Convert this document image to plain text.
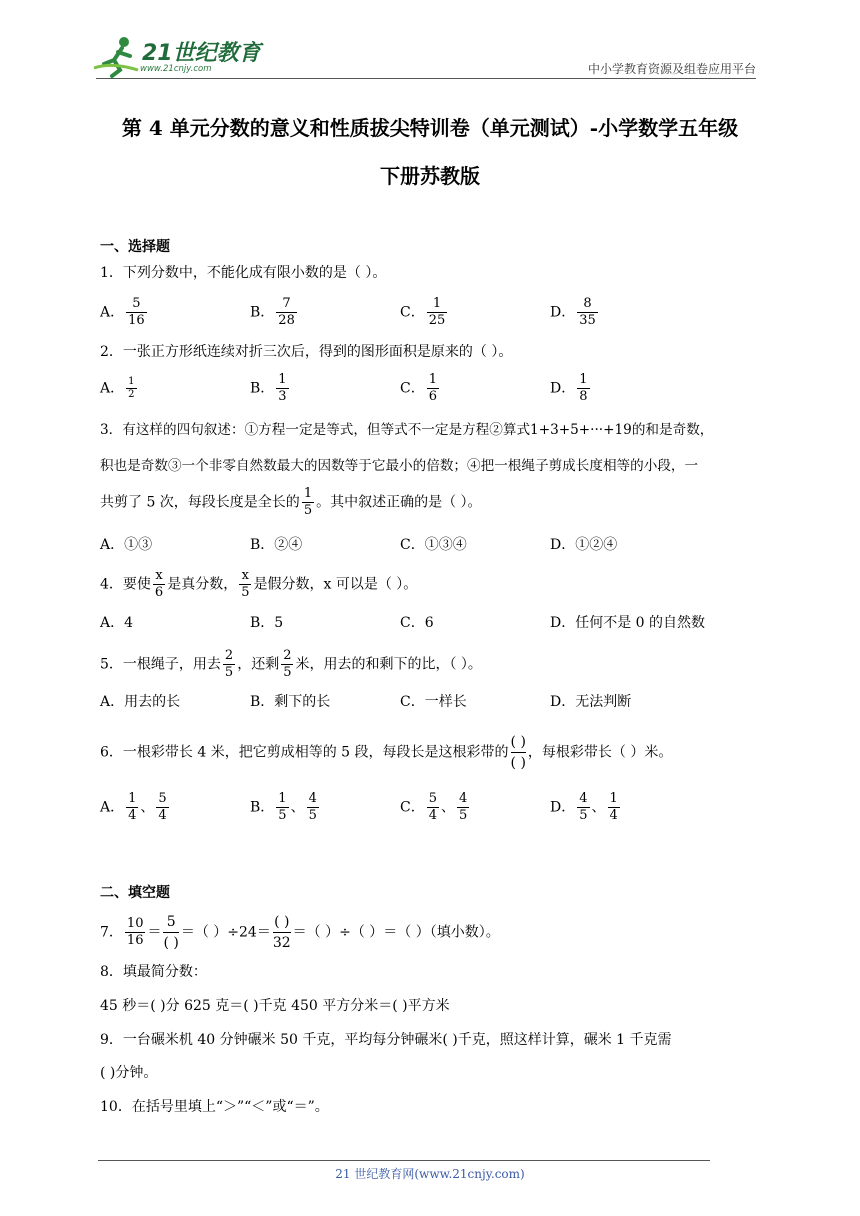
21世纪教育
www.21cnjy.com	中小学教育资源及组卷应用平台
第 4 单元分数的意义和性质拔尖特训卷（单元测试）-小学数学五年级
下册苏教版
一、选择题
1．下列分数中，不能化成有限小数的是（ ）。
A． $\frac{5}{16}$	B． $\frac{7}{28}$	C． $\frac{1}{25}$	D． $\frac{8}{35}$
2．一张正方形纸连续对折三次后，得到的图形面积是原来的（ ）。
A． $\frac{1}{2}$	B． $\frac{1}{3}$	C． $\frac{1}{6}$	D． $\frac{1}{8}$
3．有这样的四句叙述：①方程一定是等式，但等式不一定是方程②算式1+3+5+···+19的和是奇数，
积也是奇数③一个非零自然数最大的因数等于它最小的倍数；④把一根绳子剪成长度相等的小段，一
共剪了 5 次，每段长度是全长的 $\frac{1}{5}$ 。其中叙述正确的是（ ）。
A．①③	B．②④	C．①③④	D．①②④
4．要使 $\frac{x}{6}$ 是真分数， $\frac{x}{5}$ 是假分数，x 可以是（ ）。
A．4	B．5	C．6	D．任何不是 0 的自然数
5．一根绳子，用去 $\frac{2}{5}$ ，还剩 $\frac{2}{5}$ 米，用去的和剩下的比，（ ）。
A．用去的长	B．剩下的长	C．一样长	D．无法判断
6．一根彩带长 4 米，把它剪成相等的 5 段，每段长是这根彩带的 $\frac{( )}{( )}$ ，每根彩带长（ ）米。
A． $\frac{1}{4}$ 、 $\frac{5}{4}$	B． $\frac{1}{5}$ 、 $\frac{4}{5}$	C． $\frac{5}{4}$ 、 $\frac{4}{5}$	D． $\frac{4}{5}$ 、 $\frac{1}{4}$
二、填空题
7． $\frac{10}{16} = \frac{5}{( )}$ ＝（ ）$\div 24= \frac{( )}{32}$ ＝（ ）÷（ ）＝（ ）（填小数）。
8．填最简分数：
45 秒＝( )分 625 克＝( )千克 450 平方分米＝( )平方米
9．一台碾米机 40 分钟碾米 50 千克，平均每分钟碾米( )千克，照这样计算，碾米 1 千克需
( )分钟。
10．在括号里填上“＞”“＜”或“＝”。
21 世纪教育网(www.21cnjy.com)
